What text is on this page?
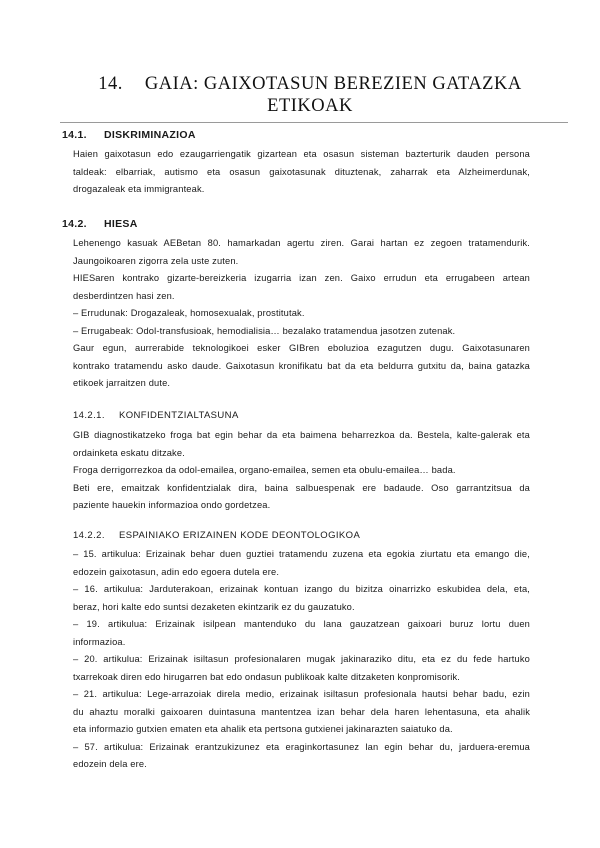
14. GAIA: GAIXOTASUN BEREZIEN GATAZKA
ETIKOAK
14.1. DISKRIMINAZIOA
Haien gaixotasun edo ezaugarriengatik gizartean eta osasun sisteman bazterturik dauden persona
taldeak: elbarriak, autismo eta osasun gaixotasunak dituztenak, zaharrak eta Alzheimerdunak,
drogazaleak eta immigranteak.
14.2. HIESA
Lehenengo kasuak AEBetan 80. hamarkadan agertu ziren. Garai hartan ez zegoen tratamendurik.
Jaungoikoaren zigorra zela uste zuten.
HIESaren kontrako gizarte-bereizkeria izugarria izan zen. Gaixo errudun eta errugabeen artean
desberdintzen hasi zen.
– Errudunak: Drogazaleak, homosexualak, prostitutak.
– Errugabeak: Odol-transfusioak, hemodialisia… bezalako tratamendua jasotzen zutenak.
Gaur egun, aurrerabide teknologikoei esker GIBren eboluzioa ezagutzen dugu. Gaixotasunaren
kontrako tratamendu asko daude. Gaixotasun kronifikatu bat da eta beldurra gutxitu da, baina gatazka
etikoek jarraitzen dute.
14.2.1. KONFIDENTZIALTASUNA
GIB diagnostikatzeko froga bat egin behar da eta baimena beharrezkoa da. Bestela, kalte-galerak eta
ordainketa eskatu ditzake.
Froga derrigorrezkoa da odol-emailea, organo-emailea, semen eta obulu-emailea… bada.
Beti ere, emaitzak konfidentzialak dira, baina salbuespenak ere badaude. Oso garrantzitsua da
paziente hauekin informazioa ondo gordetzea.
14.2.2. ESPAINIAKO ERIZAINEN KODE DEONTOLOGIKOA
– 15. artikulua: Erizainak behar duen guztiei tratamendu zuzena eta egokia ziurtatu eta emango die,
edozein gaixotasun, adin edo egoera dutela ere.
– 16. artikulua: Jarduterakoan, erizainak kontuan izango du bizitza oinarrizko eskubidea dela, eta,
beraz, hori kalte edo suntsi dezaketen ekintzarik ez du gauzatuko.
– 19. artikulua: Erizainak isilpean mantenduko du lana gauzatzean gaixoari buruz lortu duen
informazioa.
– 20. artikulua: Erizainak isiltasun profesionalaren mugak jakinaraziko ditu, eta ez du fede hartuko
txarrekoak diren edo hirugarren bat edo ondasun publikoak kalte ditzaketen konpromisorik.
– 21. artikulua: Lege-arrazoiak direla medio, erizainak isiltasun profesionala hautsi behar badu, ezin
du ahaztu moralki gaixoaren duintasuna mantentzea izan behar dela haren lehentasuna, eta ahalik
eta informazio gutxien ematen eta ahalik eta pertsona gutxienei jakinarazten saiatuko da.
– 57. artikulua: Erizainak erantzukizunez eta eraginkortasunez lan egin behar du, jarduera-eremua
edozein dela ere.
